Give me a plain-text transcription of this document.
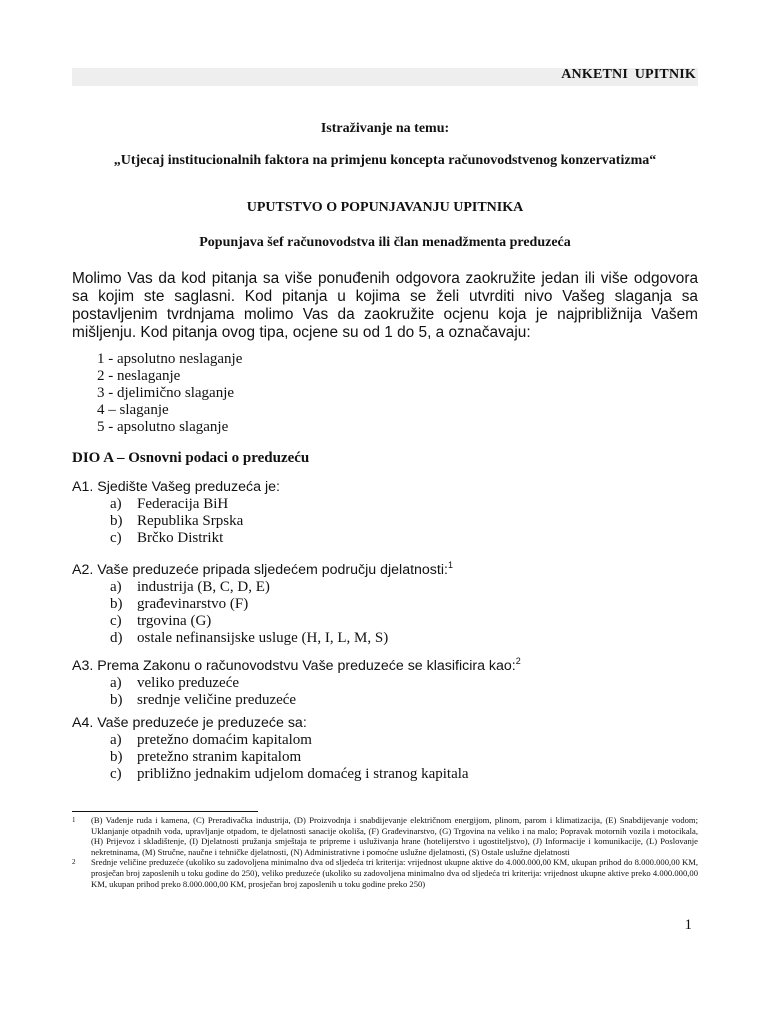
ANKETNI UPITNIK
Istraživanje na temu:
„Utjecaj institucionalnih faktora na primjenu koncepta računovodstvenog konzervatizma“
UPUTSTVO O POPUNJAVANJU UPITNIKA
Popunjava šef računovodstva ili član menadžmenta preduzeća
Molimo Vas da kod pitanja sa više ponuđenih odgovora zaokružite jedan ili više odgovora sa kojim ste saglasni. Kod pitanja u kojima se želi utvrditi nivo Vašeg slaganja sa postavljenim tvrdnjama molimo Vas da zaokružite ocjenu koja je najpribližnija Vašem mišljenju. Kod pitanja ovog tipa, ocjene su od 1 do 5, a označavaju:
1 - apsolutno neslaganje
2 - neslaganje
3 - djelimično slaganje
4 – slaganje
5 - apsolutno slaganje
DIO A – Osnovni podaci o preduzeću
A1. Sjedište Vašeg preduzeća je:
a)	Federacija BiH
b) Republika Srpska
c)	Brčko Distrikt
A2. Vaše preduzeće pripada sljedećem području djelatnosti:$^1$
a)	industrija (B, C, D, E)
b) građevinarstvo (F)
c)	trgovina (G)
d) ostale nefinansijske usluge (H, I, L, M, S)
A3. Prema Zakonu o računovodstvu Vaše preduzeće se klasificira kao:$^2$
a)	veliko preduzeće
b) srednje veličine preduzeće
A4. Vaše preduzeće je preduzeće sa:
a)	pretežno domaćim kapitalom
b) pretežno stranim kapitalom
c)	približno jednakim udjelom domaćeg i stranog kapitala
1	(B) Vađenje ruda i kamena, (C) Prerađivačka industrija, (D) Proizvodnja i snabdijevanje električnom energijom, plinom, parom i klimatizacija, (E) Snabdijevanje vodom; Uklanjanje otpadnih voda, upravljanje otpadom, te djelatnosti sanacije okoliša, (F) Građevinarstvo, (G) Trgovina na veliko i na malo; Popravak motornih vozila i motocikala, (H) Prijevoz i skladištenje, (I) Djelatnosti pružanja smještaja te pripreme i usluživanja hrane (hotelijerstvo i ugostiteljstvo), (J) Informacije i komunikacije, (L) Poslovanje nekretninama, (M) Stručne, naučne i tehničke djelatnosti, (N) Administrativne i pomoćne uslužne djelatnosti, (S) Ostale uslužne djelatnosti
2	Srednje veličine preduzeće (ukoliko su zadovoljena minimalno dva od sljedeća tri kriterija: vrijednost ukupne aktive do 4.000.000,00 KM, ukupan prihod do 8.000.000,00 KM, prosječan broj zaposlenih u toku godine do 250), veliko preduzeće (ukoliko su zadovoljena minimalno dva od sljedeća tri kriterija: vrijednost ukupne aktive preko 4.000.000,00 KM, ukupan prihod preko 8.000.000,00 KM, prosječan broj zaposlenih u toku godine preko 250)
1
